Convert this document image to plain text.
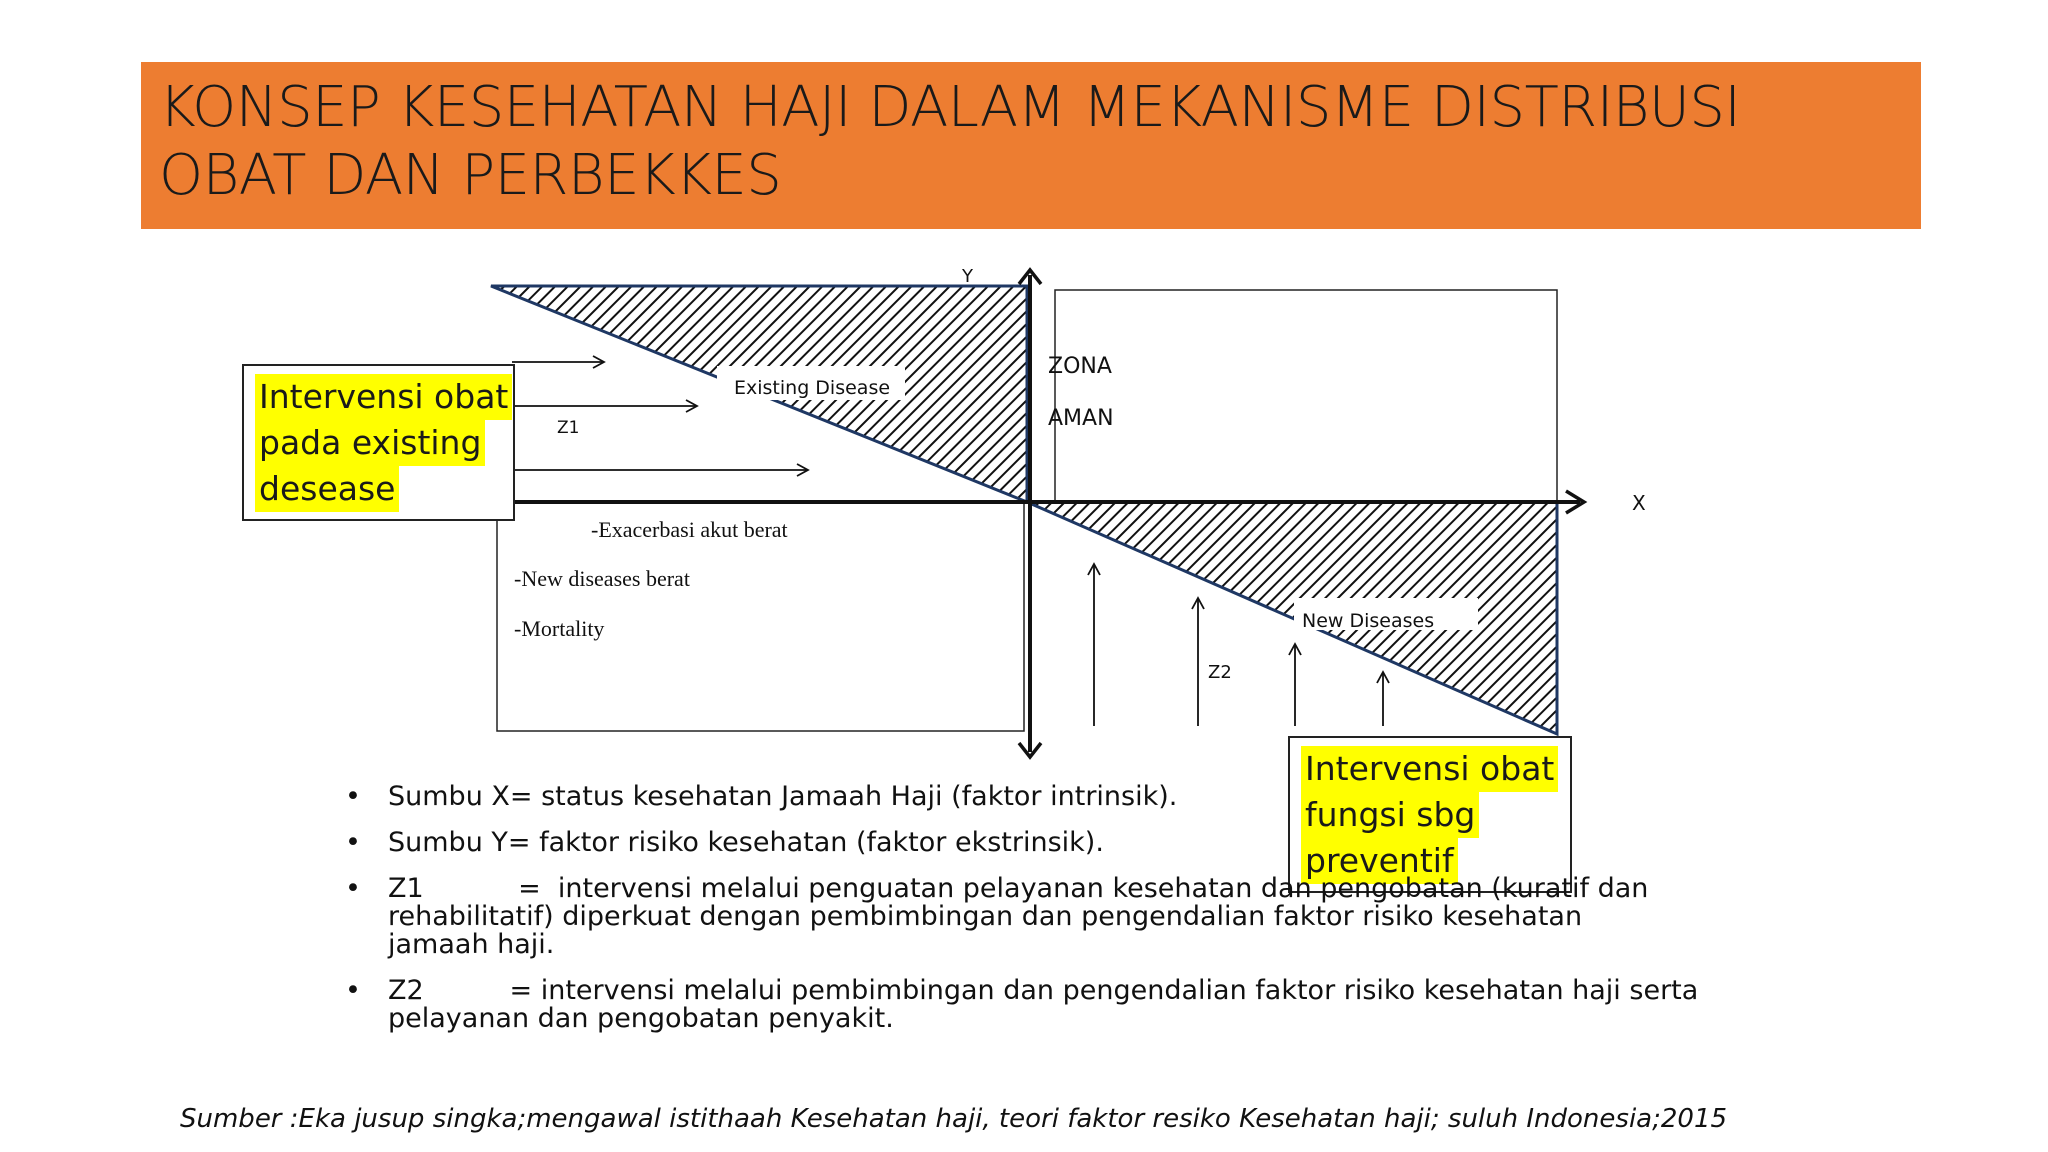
KONSEP KESEHATAN HAJI DALAM MEKANISME DISTRIBUSI OBAT DAN PERBEKKES
Y
X
ZONA
AMAN
Existing Disease
New Diseases
Z1
Z2
-Exacerbasi akut berat
-New diseases berat
-Mortality
Intervensi obat
pada existing
desease
Intervensi obat
fungsi sbg
preventif
• Sumbu X= status kesehatan Jamaah Haji (faktor intrinsik).
• Sumbu Y= faktor risiko kesehatan (faktor ekstrinsik).
• Z1           =  intervensi melalui penguatan pelayanan kesehatan dan pengobatan (kuratif dan rehabilitatif) diperkuat dengan pembimbingan dan pengendalian faktor risiko kesehatan jamaah haji.
• Z2          = intervensi melalui pembimbingan dan pengendalian faktor risiko kesehatan haji serta pelayanan dan pengobatan penyakit.
Sumber :Eka jusup singka;mengawal istithaah Kesehatan haji, teori faktor resiko Kesehatan haji; suluh Indonesia;2015
